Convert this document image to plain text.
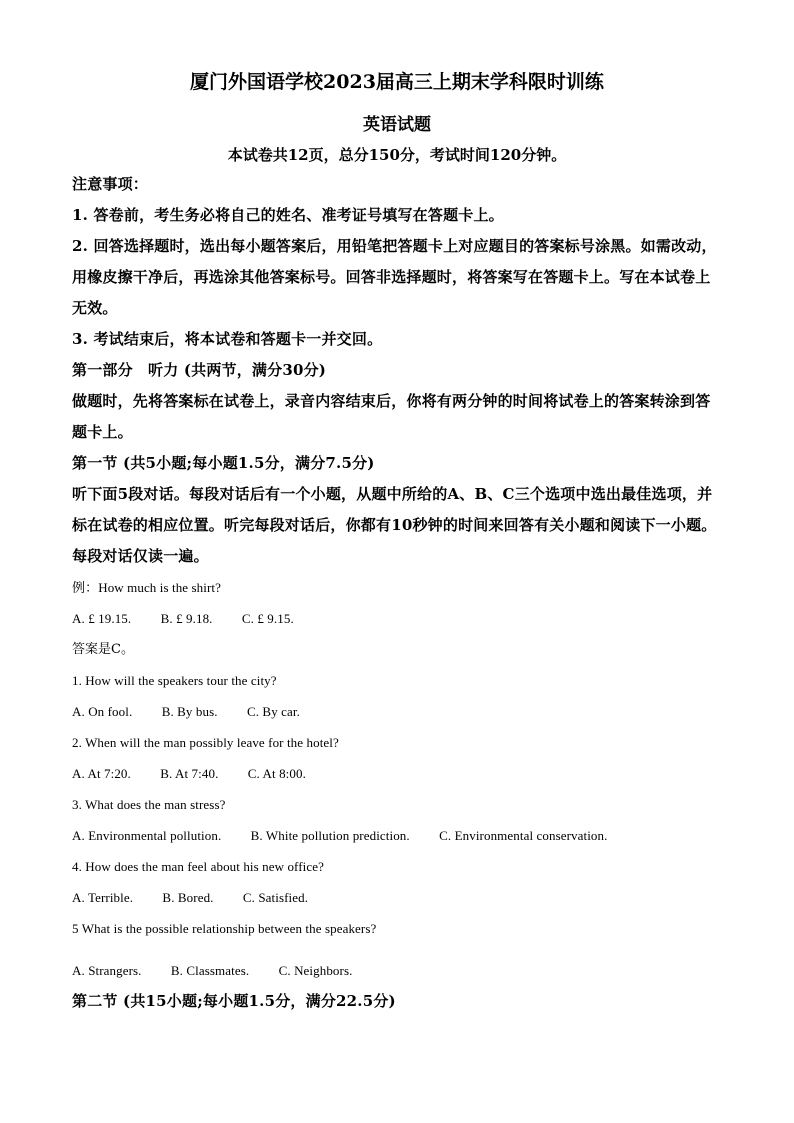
厦门外国语学校2023届高三上期末学科限时训练
英语试题
本试卷共12页，总分150分，考试时间120分钟。
注意事项：
1. 答卷前，考生务必将自己的姓名、准考证号填写在答题卡上。
2. 回答选择题时，选出每小题答案后，用铅笔把答题卡上对应题目的答案标号涂黑。如需改动，用橡皮擦干净后，再选涂其他答案标号。回答非选择题时，将答案写在答题卡上。写在本试卷上无效。
3. 考试结束后，将本试卷和答题卡一并交回。
第一部分　听力 (共两节，满分30分)
做题时，先将答案标在试卷上，录音内容结束后，你将有两分钟的时间将试卷上的答案转涂到答题卡上。
第一节 (共5小题;每小题1.5分，满分7.5分)
听下面5段对话。每段对话后有一个小题，从题中所给的A、B、C三个选项中选出最佳选项，并标在试卷的相应位置。听完每段对话后，你都有10秒钟的时间来回答有关小题和阅读下一小题。每段对话仅读一遍。
例：How much is the shirt?
A. £ 19.15. B. £ 9.18. C. £ 9.15.
答案是C。
1. How will the speakers tour the city?
A. On fool. B. By bus. C. By car.
2. When will the man possibly leave for the hotel?
A. At 7:20. B. At 7:40. C. At 8:00.
3. What does the man stress?
A. Environmental pollution. B. White pollution prediction. C. Environmental conservation.
4. How does the man feel about his new office?
A. Terrible. B. Bored. C. Satisfied.
5 What is the possible relationship between the speakers?
A. Strangers. B. Classmates. C. Neighbors.
第二节 (共15小题;每小题1.5分，满分22.5分)
